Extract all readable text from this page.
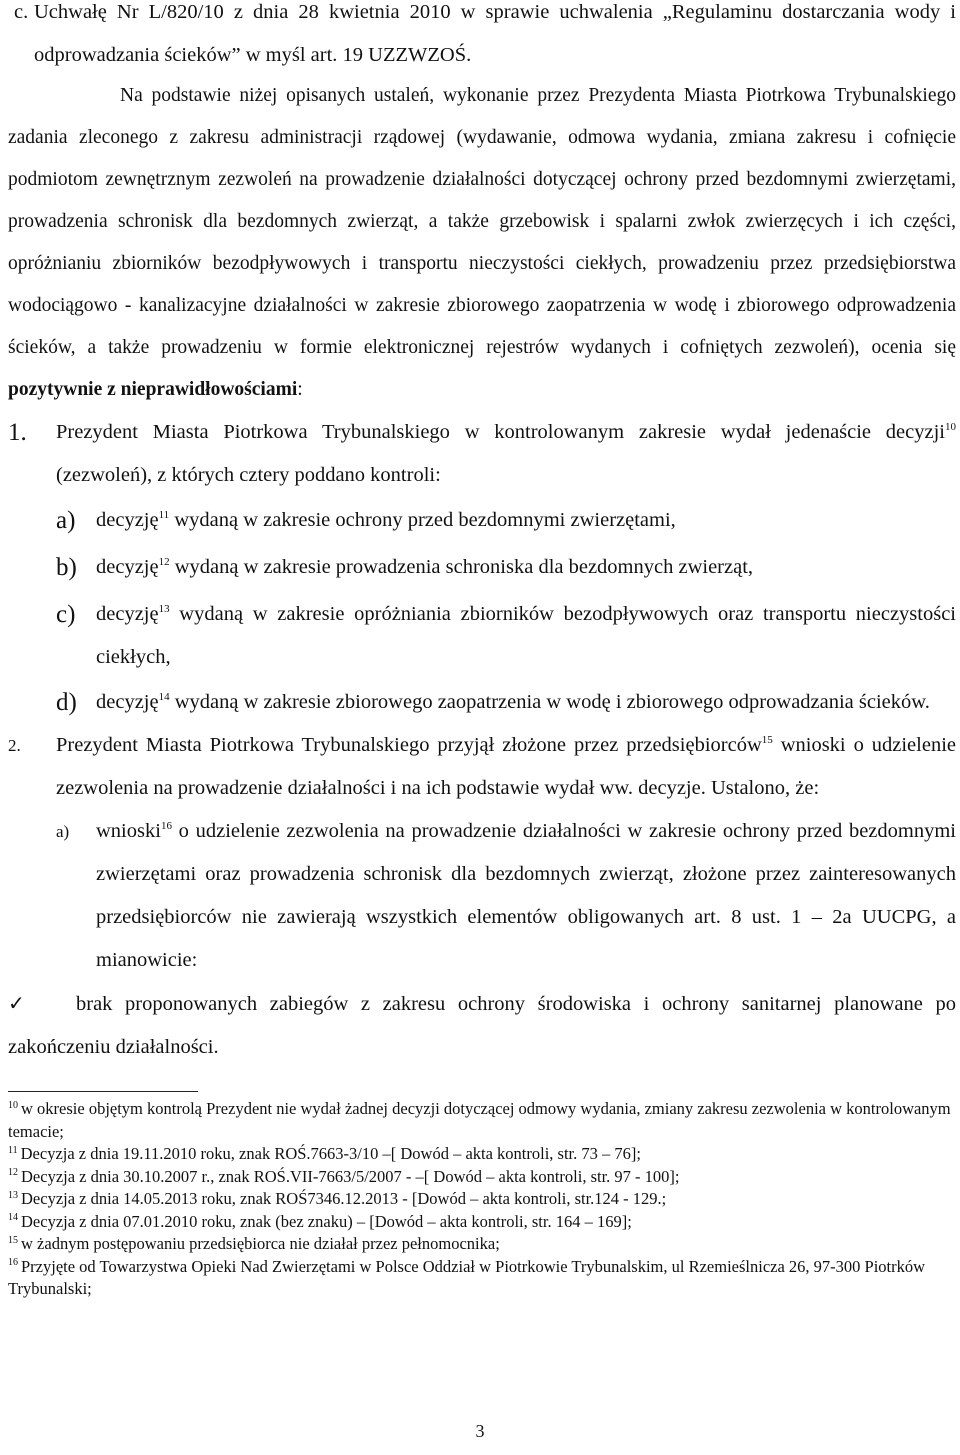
c. Uchwałę Nr L/820/10 z dnia 28 kwietnia 2010 w sprawie uchwalenia „Regulaminu dostarczania wody i odprowadzania ścieków” w myśl art. 19 UZZWZOŚ.

Na podstawie niżej opisanych ustaleń, wykonanie przez Prezydenta Miasta Piotrkowa Trybunalskiego zadania zleconego z zakresu administracji rządowej (wydawanie, odmowa wydania, zmiana zakresu i cofnięcie podmiotom zewnętrznym zezwoleń na prowadzenie działalności dotyczącej ochrony przed bezdomnymi zwierzętami, prowadzenia schronisk dla bezdomnych zwierząt, a także grzebowisk i spalarni zwłok zwierzęcych i ich części, opróżnianiu zbiorników bezodpływowych i transportu nieczystości ciekłych, prowadzeniu przez przedsiębiorstwa wodociągowo - kanalizacyjne działalności w zakresie zbiorowego zaopatrzenia w wodę i zbiorowego odprowadzenia ścieków, a także prowadzeniu w formie elektronicznej rejestrów wydanych i cofniętych zezwoleń), ocenia się pozytywnie z nieprawidłowościami:

1.	Prezydent Miasta Piotrkowa Trybunalskiego w kontrolowanym zakresie wydał jedenaście decyzji$^{10}$ (zezwoleń), z których cztery poddano kontroli:
a)	decyzję$^{11}$ wydaną w zakresie ochrony przed bezdomnymi zwierzętami,
b) decyzję$^{12}$ wydaną w zakresie prowadzenia schroniska dla bezdomnych zwierząt,
c)	decyzję$^{13}$ wydaną w zakresie opróżniania zbiorników bezodpływowych oraz transportu nieczystości ciekłych,
d) decyzję$^{14}$ wydaną w zakresie zbiorowego zaopatrzenia w wodę i zbiorowego odprowadzania ścieków.
2.	Prezydent Miasta Piotrkowa Trybunalskiego przyjął złożone przez przedsiębiorców$^{15}$ wnioski o udzielenie zezwolenia na prowadzenie działalności i na ich podstawie wydał ww. decyzje. Ustalono, że:
a)	wnioski$^{16}$ o udzielenie zezwolenia na prowadzenie działalności w zakresie ochrony przed bezdomnymi zwierzętami oraz prowadzenia schronisk dla bezdomnych zwierząt, złożone przez zainteresowanych przedsiębiorców nie zawierają wszystkich elementów obligowanych art. 8 ust. 1 – 2a UUCPG, a mianowicie:

✓ brak proponowanych zabiegów z zakresu ochrony środowiska i ochrony sanitarnej planowane po zakończeniu działalności.

$^{10}$ w okresie objętym kontrolą Prezydent nie wydał żadnej decyzji dotyczącej odmowy wydania, zmiany zakresu zezwolenia w kontrolowanym temacie;

$^{11}$ Decyzja z dnia 19.11.2010 roku, znak ROŚ.7663-3/10 –[ Dowód – akta kontroli, str. 73 – 76];

$^{12}$ Decyzja z dnia 30.10.2007 r., znak ROŚ.VII-7663/5/2007 - –[ Dowód – akta kontroli, str. 97 - 100];

$^{13}$ Decyzja z dnia 14.05.2013 roku, znak ROŚ7346.12.2013 - [Dowód – akta kontroli, str.124 - 129.;

$^{14}$ Decyzja z dnia 07.01.2010 roku, znak (bez znaku) – [Dowód – akta kontroli, str. 164 – 169];

$^{15}$ w żadnym postępowaniu przedsiębiorca nie działał przez pełnomocnika;

$^{16}$ Przyjęte od Towarzystwa Opieki Nad Zwierzętami w Polsce Oddział w Piotrkowie Trybunalskim, ul Rzemieślnicza 26, 97-300 Piotrków Trybunalski;

3
